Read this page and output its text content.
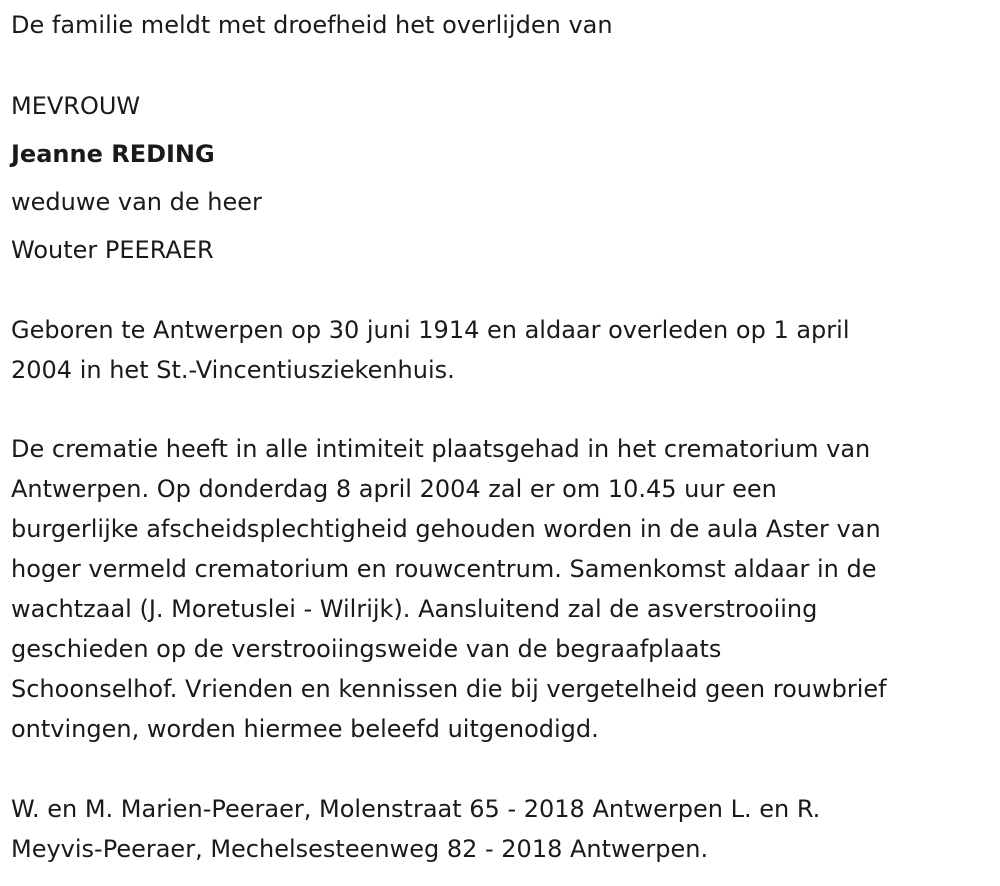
De familie meldt met droefheid het overlijden van
MEVROUW
Jeanne REDING
weduwe van de heer
Wouter PEERAER
Geboren te Antwerpen op 30 juni 1914 en aldaar overleden op 1 april
2004 in het St.-Vincentiusziekenhuis.
De crematie heeft in alle intimiteit plaatsgehad in het crematorium van
Antwerpen. Op donderdag 8 april 2004 zal er om 10.45 uur een
burgerlijke afscheidsplechtigheid gehouden worden in de aula Aster van
hoger vermeld crematorium en rouwcentrum. Samenkomst aldaar in de
wachtzaal (J. Moretuslei - Wilrijk). Aansluitend zal de asverstrooiing
geschieden op de verstrooiingsweide van de begraafplaats
Schoonselhof. Vrienden en kennissen die bij vergetelheid geen rouwbrief
ontvingen, worden hiermee beleefd uitgenodigd.
W. en M. Marien-Peeraer, Molenstraat 65 - 2018 Antwerpen L. en R.
Meyvis-Peeraer, Mechelsesteenweg 82 - 2018 Antwerpen.
